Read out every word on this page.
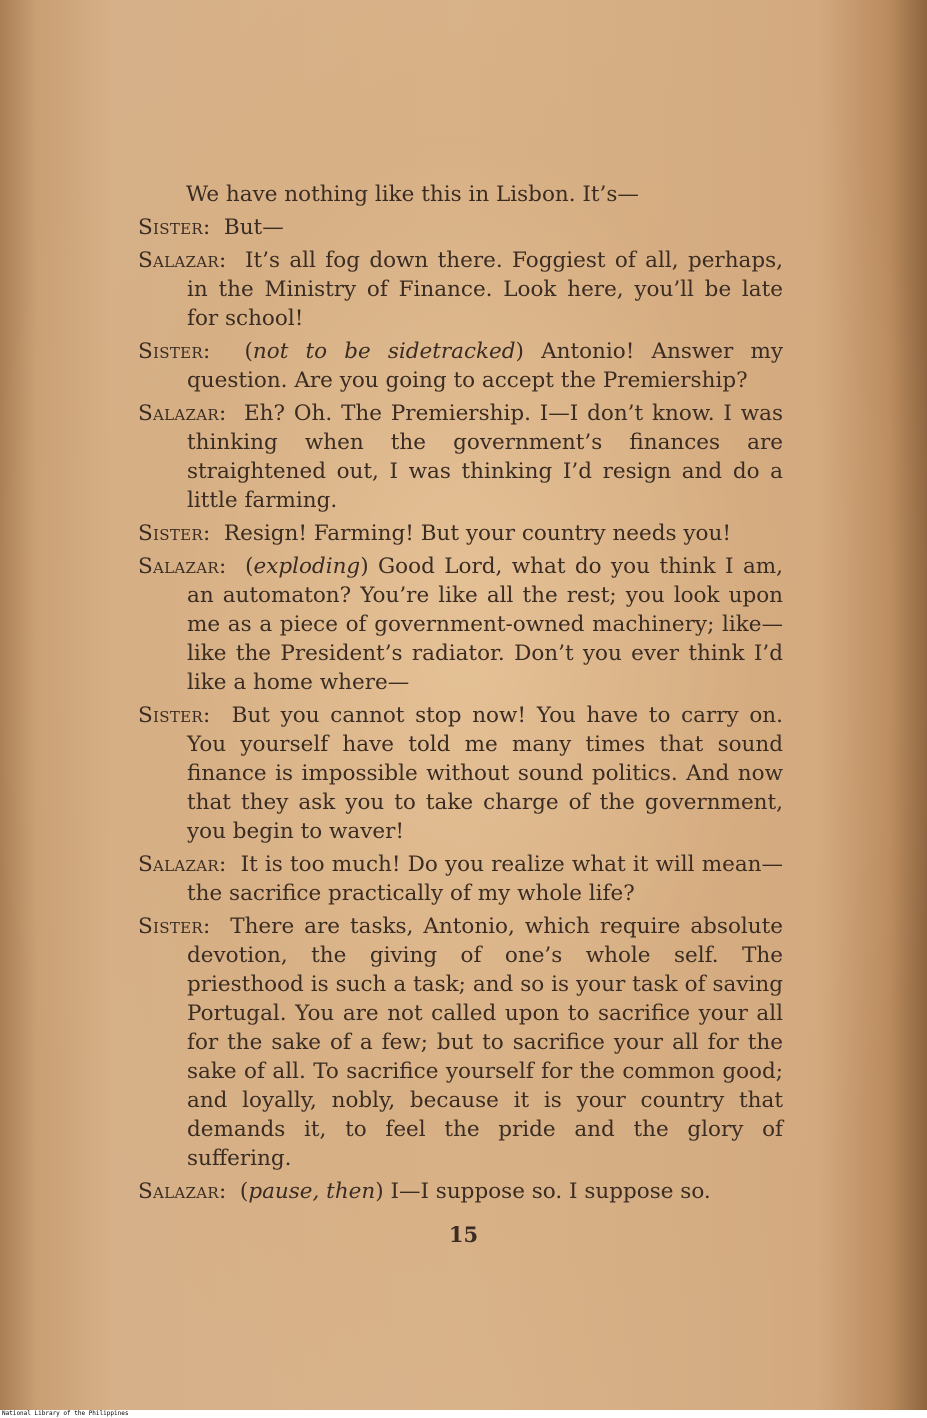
We have nothing like this in Lisbon. It’s—
Sister:  But—
Salazar:  It’s all fog down there. Foggiest of all, perhaps, in the Ministry of Finance. Look here, you’ll be late for school!
Sister:  (not to be sidetracked) Antonio! Answer my question. Are you going to accept the Premiership?
Salazar:  Eh? Oh. The Premiership. I—I don’t know. I was thinking when the government’s finances are straightened out, I was thinking I’d resign and do a little farming.
Sister:  Resign! Farming! But your country needs you!
Salazar:  (exploding) Good Lord, what do you think I am, an automaton? You’re like all the rest; you look upon me as a piece of government-owned machinery; like—like the President’s radiator. Don’t you ever think I’d like a home where—
Sister:  But you cannot stop now! You have to carry on. You yourself have told me many times that sound finance is impossible without sound politics. And now that they ask you to take charge of the government, you begin to waver!
Salazar:  It is too much! Do you realize what it will mean—the sacrifice practically of my whole life?
Sister:  There are tasks, Antonio, which require absolute devotion, the giving of one’s whole self. The priesthood is such a task; and so is your task of saving Portugal. You are not called upon to sacrifice your all for the sake of a few; but to sacrifice your all for the sake of all. To sacrifice yourself for the common good; and loyally, nobly, because it is your country that demands it, to feel the pride and the glory of suffering.
Salazar:  (pause, then) I—I suppose so. I suppose so.
15
National Library of the Philippines
